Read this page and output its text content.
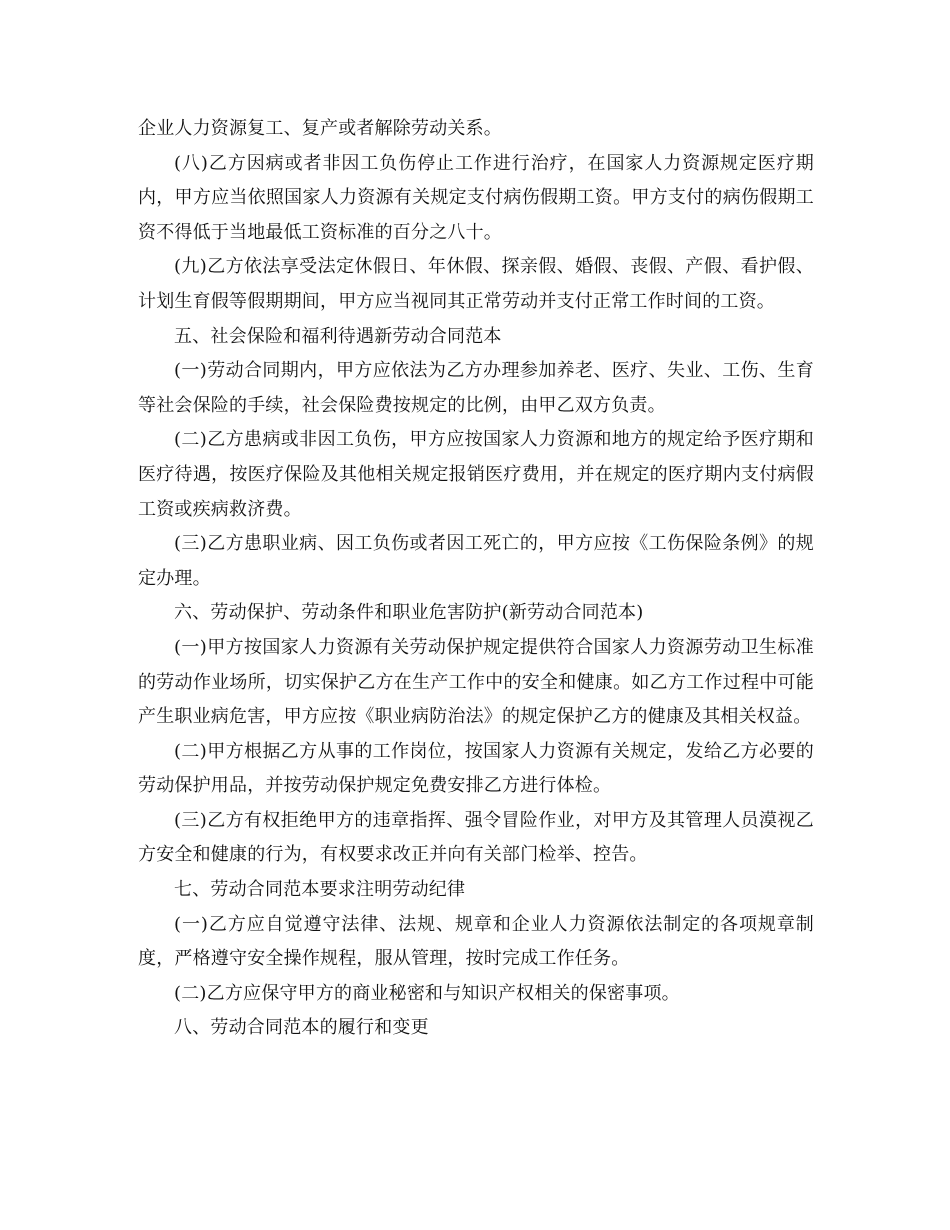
企业人力资源复工、复产或者解除劳动关系。

(八)乙方因病或者非因工负伤停止工作进行治疗，在国家人力资源规定医疗期内，甲方应当依照国家人力资源有关规定支付病伤假期工资。甲方支付的病伤假期工资不得低于当地最低工资标准的百分之八十。

(九)乙方依法享受法定休假日、年休假、探亲假、婚假、丧假、产假、看护假、计划生育假等假期期间，甲方应当视同其正常劳动并支付正常工作时间的工资。

五、社会保险和福利待遇新劳动合同范本

(一)劳动合同期内，甲方应依法为乙方办理参加养老、医疗、失业、工伤、生育等社会保险的手续，社会保险费按规定的比例，由甲乙双方负责。

(二)乙方患病或非因工负伤，甲方应按国家人力资源和地方的规定给予医疗期和医疗待遇，按医疗保险及其他相关规定报销医疗费用，并在规定的医疗期内支付病假工资或疾病救济费。

(三)乙方患职业病、因工负伤或者因工死亡的，甲方应按《工伤保险条例》的规定办理。

六、劳动保护、劳动条件和职业危害防护(新劳动合同范本)

(一)甲方按国家人力资源有关劳动保护规定提供符合国家人力资源劳动卫生标准的劳动作业场所，切实保护乙方在生产工作中的安全和健康。如乙方工作过程中可能产生职业病危害，甲方应按《职业病防治法》的规定保护乙方的健康及其相关权益。

(二)甲方根据乙方从事的工作岗位，按国家人力资源有关规定，发给乙方必要的劳动保护用品，并按劳动保护规定免费安排乙方进行体检。

(三)乙方有权拒绝甲方的违章指挥、强令冒险作业，对甲方及其管理人员漠视乙方安全和健康的行为，有权要求改正并向有关部门检举、控告。

七、劳动合同范本要求注明劳动纪律

(一)乙方应自觉遵守法律、法规、规章和企业人力资源依法制定的各项规章制度，严格遵守安全操作规程，服从管理，按时完成工作任务。

(二)乙方应保守甲方的商业秘密和与知识产权相关的保密事项。

八、劳动合同范本的履行和变更
